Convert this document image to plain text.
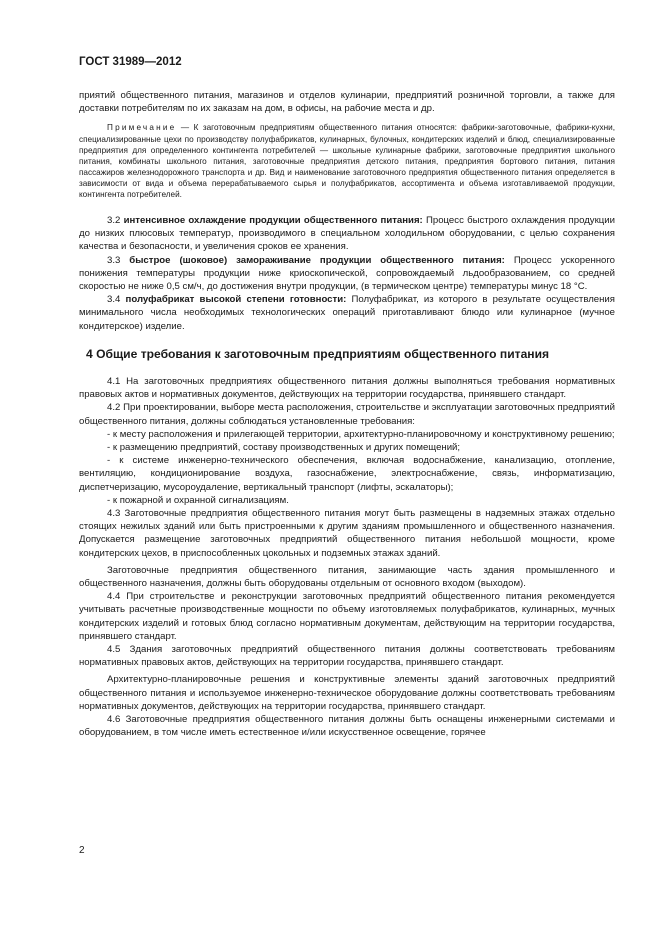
ГОСТ 31989—2012

приятий общественного питания, магазинов и отделов кулинарии, предприятий розничной торговли, а также для доставки потребителям по их заказам на дом, в офисы, на рабочие места и др.

Примечание — К заготовочным предприятиям общественного питания относятся: фабрики-заготовочные, фабрики-кухни, специализированные цехи по производству полуфабрикатов, кулинарных, булочных, кондитерских изделий и блюд, специализированные предприятия для определенного контингента потребителей — школьные кулинарные фабрики, заготовочные предприятия школьного питания, комбинаты школьного питания, заготовочные предприятия детского питания, предприятия бортового питания, питания пассажиров железнодорожного транспорта и др. Вид и наименование заготовочного предприятия общественного питания определяется в зависимости от вида и объема перерабатываемого сырья и полуфабрикатов, ассортимента и объема изготавливаемой продукции, контингента потребителей.

3.2 интенсивное охлаждение продукции общественного питания: Процесс быстрого охлаждения продукции до низких плюсовых температур, производимого в специальном холодильном оборудовании, с целью сохранения качества и безопасности, и увеличения сроков ее хранения.

3.3 быстрое (шоковое) замораживание продукции общественного питания: Процесс ускоренного понижения температуры продукции ниже криоскопической, сопровождаемый льдообразованием, со средней скоростью не ниже 0,5 см/ч, до достижения внутри продукции, (в термическом центре) температуры минус 18 °С.

3.4 полуфабрикат высокой степени готовности: Полуфабрикат, из которого в результате осуществления минимального числа необходимых технологических операций приготавливают блюдо или кулинарное (мучное кондитерское) изделие.

4 Общие требования к заготовочным предприятиям общественного питания

4.1 На заготовочных предприятиях общественного питания должны выполняться требования нормативных правовых актов и нормативных документов, действующих на территории государства, принявшего стандарт.

4.2 При проектировании, выборе места расположения, строительстве и эксплуатации заготовочных предприятий общественного питания, должны соблюдаться установленные требования:

- к месту расположения и прилегающей территории, архитектурно-планировочному и конструктивному решению;

- к размещению предприятий, составу производственных и других помещений;

- к системе инженерно-технического обеспечения, включая водоснабжение, канализацию, отопление, вентиляцию, кондиционирование воздуха, газоснабжение, электроснабжение, связь, информатизацию, диспетчеризацию, мусороудаление, вертикальный транспорт (лифты, эскалаторы);

- к пожарной и охранной сигнализациям.

4.3 Заготовочные предприятия общественного питания могут быть размещены в надземных этажах отдельно стоящих нежилых зданий или быть пристроенными к другим зданиям промышленного и общественного назначения. Допускается размещение заготовочных предприятий общественного питания небольшой мощности, кроме кондитерских цехов, в приспособленных цокольных и подземных этажах зданий.

Заготовочные предприятия общественного питания, занимающие часть здания промышленного и общественного назначения, должны быть оборудованы отдельным от основного входом (выходом).

4.4 При строительстве и реконструкции заготовочных предприятий общественного питания рекомендуется учитывать расчетные производственные мощности по объему изготовляемых полуфабрикатов, кулинарных, мучных кондитерских изделий и готовых блюд согласно нормативным документам, действующим на территории государства, принявшего стандарт.

4.5 Здания заготовочных предприятий общественного питания должны соответствовать требованиям нормативных правовых актов, действующих на территории государства, принявшего стандарт.

Архитектурно-планировочные решения и конструктивные элементы зданий заготовочных предприятий общественного питания и используемое инженерно-техническое оборудование должны соответствовать требованиям нормативных документов, действующих на территории государства, принявшего стандарт.

4.6 Заготовочные предприятия общественного питания должны быть оснащены инженерными системами и оборудованием, в том числе иметь естественное и/или искусственное освещение, горячее

2
